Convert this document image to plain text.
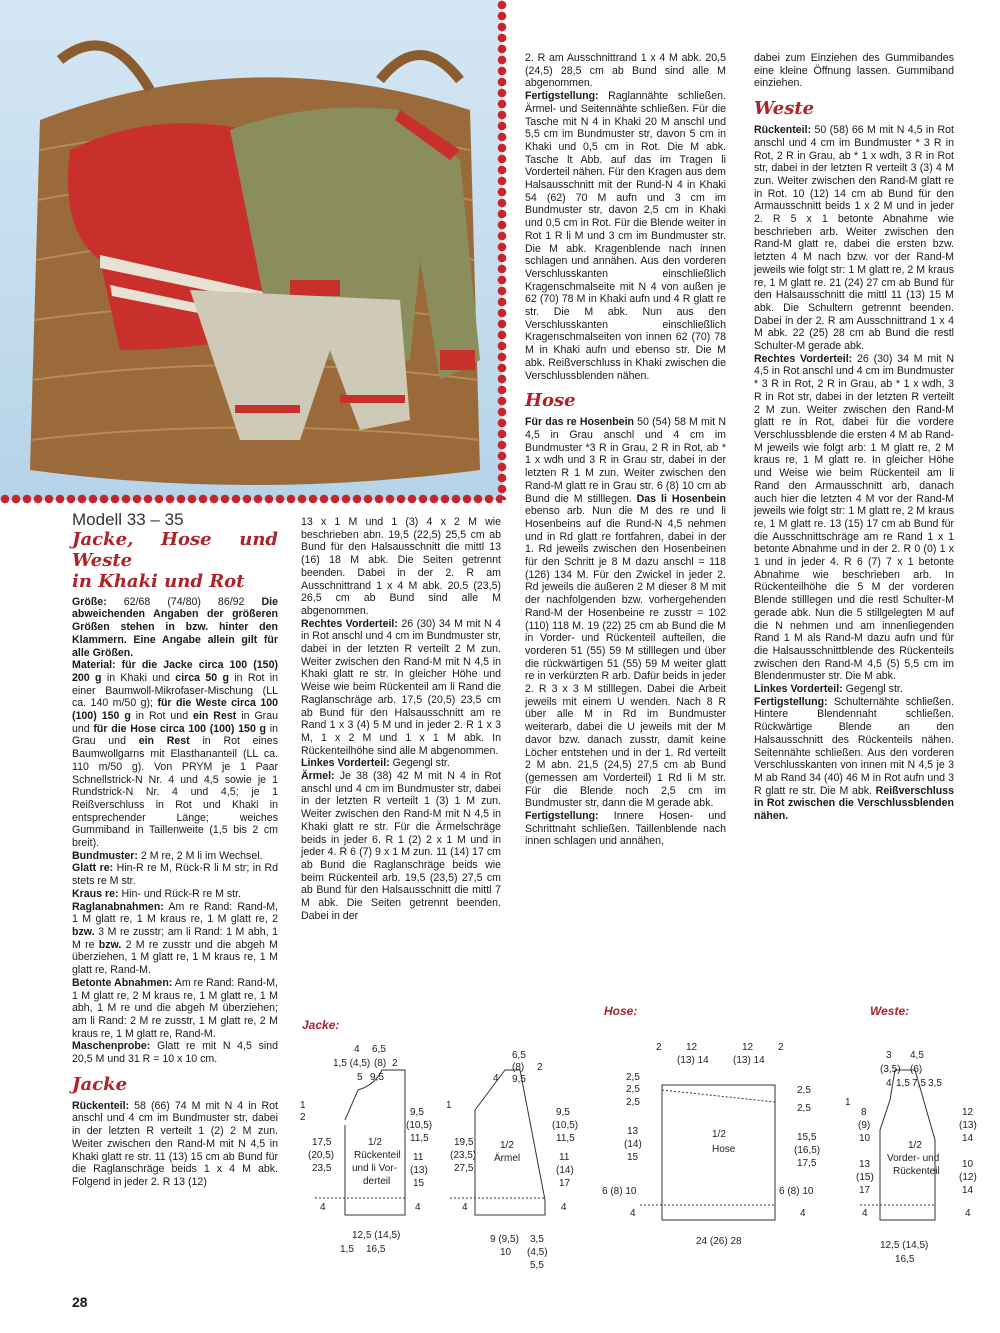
Modell 33 – 35
Jacke, Hose und Weste
in Khaki und Rot

Größe: 62/68 (74/80) 86/92 Die abweichenden Angaben der größeren Größen stehen in bzw. hinter den Klammern. Eine Angabe allein gilt für alle Größen.

Material: für die Jacke circa 100 (150) 200 g in Khaki und circa 50 g in Rot in einer Baumwoll-Mikrofaser-Mischung (LL ca. 140 m/50 g); für die Weste circa 100 (100) 150 g in Rot und ein Rest in Grau und für die Hose circa 100 (100) 150 g in Grau und ein Rest in Rot eines Baumwollgarns mit Elasthananteil (LL ca. 110 m/50 g). Von PRYM je 1 Paar Schnellstrick-N Nr. 4 und 4,5 sowie je 1 Rundstrick-N Nr. 4 und 4,5; je 1 Reißverschluss in Rot und Khaki in entsprechender Länge; weiches Gummiband in Taillenweite (1,5 bis 2 cm breit).

Bundmuster: 2 M re, 2 M li im Wechsel.

Glatt re: Hin-R re M, Rück-R li M str; in Rd stets re M str.

Kraus re: Hin- und Rück-R re M str.

Raglanabnahmen: Am re Rand: Rand-M, 1 M glatt re, 1 M kraus re, 1 M glatt re, 2 bzw. 3 M re zusstr; am li Rand: 1 M abh, 1 M re bzw. 2 M re zusstr und die abgeh M überziehen, 1 M glatt re, 1 M kraus re, 1 M glatt re, Rand-M.

Betonte Abnahmen: Am re Rand: Rand-M, 1 M glatt re, 2 M kraus re, 1 M glatt re, 1 M abh, 1 M re und die abgeh M überziehen; am li Rand: 2 M re zusstr, 1 M glatt re, 2 M kraus re, 1 M glatt re, Rand-M.

Maschenprobe: Glatt re mit N 4,5 sind 20,5 M und 31 R = 10 x 10 cm.

Jacke

Rückenteil: 58 (66) 74 M mit N 4 in Rot anschl und 4 cm im Bundmuster str, dabei in der letzten R verteilt 1 (2) 2 M zun. Weiter zwischen den Rand-M mit N 4,5 in Khaki glatt re str. 11 (13) 15 cm ab Bund für die Raglanschräge beids 1 x 4 M abk. Folgend in jeder 2. R 13 (12)

13 x 1 M und 1 (3) 4 x 2 M wie beschrieben abn. 19,5 (22,5) 25,5 cm ab Bund für den Halsausschnitt die mittl 13 (16) 18 M abk. Die Seiten getrennt beenden. Dabei in der 2. R am Ausschnittrand 1 x 4 M abk. 20,5 (23,5) 26,5 cm ab Bund sind alle M abgenommen.

Rechtes Vorderteil: 26 (30) 34 M mit N 4 in Rot anschl und 4 cm im Bundmuster str, dabei in der letzten R verteilt 2 M zun. Weiter zwischen den Rand-M mit N 4,5 in Khaki glatt re str. In gleicher Höhe und Weise wie beim Rückenteil am li Rand die Raglanschräge arb. 17,5 (20,5) 23,5 cm ab Bund für den Halsausschnitt am re Rand 1 x 3 (4) 5 M und in jeder 2. R 1 x 3 M, 1 x 2 M und 1 x 1 M abk. In Rückenteilhöhe sind alle M abgenommen.

Linkes Vorderteil: Gegengl str.

Ärmel: Je 38 (38) 42 M mit N 4 in Rot anschl und 4 cm im Bundmuster str, dabei in der letzten R verteilt 1 (3) 1 M zun. Weiter zwischen den Rand-M mit N 4,5 in Khaki glatt re str. Für die Ärmelschräge beids in jeder 6. R 1 (2) 2 x 1 M und in jeder 4. R 6 (7) 9 x 1 M zun. 11 (14) 17 cm ab Bund die Raglanschräge beids wie beim Rückenteil arb. 19,5 (23,5) 27,5 cm ab Bund für den Halsausschnitt die mittl 7 M abk. Die Seiten getrennt beenden. Dabei in der

2. R am Ausschnittrand 1 x 4 M abk. 20,5 (24,5) 28,5 cm ab Bund sind alle M abgenommen.

Fertigstellung: Raglannähte schließen. Ärmel- und Seitennähte schließen. Für die Tasche mit N 4 in Khaki 20 M anschl und 5,5 cm im Bundmuster str, davon 5 cm in Khaki und 0,5 cm in Rot. Die M abk. Tasche lt Abb. auf das im Tragen li Vorderteil nähen. Für den Kragen aus dem Halsausschnitt mit der Rund-N 4 in Khaki 54 (62) 70 M aufn und 3 cm im Bundmuster str, davon 2,5 cm in Khaki und 0,5 cm in Rot. Für die Blende weiter in Rot 1 R li M und 3 cm im Bundmuster str. Die M abk. Kragenblende nach innen schlagen und annähen. Aus den vorderen Verschlusskanten einschließlich Kragenschmalseite mit N 4 von außen je 62 (70) 78 M in Khaki aufn und 4 R glatt re str. Die M abk. Nun aus den Verschlusskanten einschließlich Kragenschmalseiten von innen 62 (70) 78 M in Khaki aufn und ebenso str. Die M abk. Reißverschluss in Khaki zwischen die Verschlussblenden nähen.

Hose

Für das re Hosenbein 50 (54) 58 M mit N 4,5 in Grau anschl und 4 cm im Bundmuster *3 R in Grau, 2 R in Rot, ab * 1 x wdh und 3 R in Grau str, dabei in der letzten R 1 M zun. Weiter zwischen den Rand-M glatt re in Grau str. 6 (8) 10 cm ab Bund die M stilllegen. Das li Hosenbein ebenso arb. Nun die M des re und li Hosenbeins auf die Rund-N 4,5 nehmen und in Rd glatt re fortfahren, dabei in der 1. Rd jeweils zwischen den Hosenbeinen für den Schritt je 8 M dazu anschl = 118 (126) 134 M. Für den Zwickel in jeder 2. Rd jeweils die äußeren 2 M dieser 8 M mit der nachfolgenden bzw. vorhergehenden Rand-M der Hosenbeine re zusstr = 102 (110) 118 M. 19 (22) 25 cm ab Bund die M in Vorder- und Rückenteil aufteilen, die vorderen 51 (55) 59 M stilllegen und über die rückwärtigen 51 (55) 59 M weiter glatt re in verkürzten R arb. Dafür beids in jeder 2. R 3 x 3 M stilllegen. Dabei die Arbeit jeweils mit einem U wenden. Nach 8 R über alle M in Rd im Bundmuster weiterarb, dabei die U jeweils mit der M davor bzw. danach zusstr, damit keine Löcher entstehen und in der 1. Rd verteilt 2 M abn. 21,5 (24,5) 27,5 cm ab Bund (gemessen am Vorderteil) 1 Rd li M str. Für die Blende noch 2,5 cm im Bundmuster str, dann die M gerade abk.

Fertigstellung: Innere Hosen- und Schrittnaht schließen. Taillenblende nach innen schlagen und annähen,

dabei zum Einziehen des Gummibandes eine kleine Öffnung lassen. Gummiband einziehen.

Weste

Rückenteil: 50 (58) 66 M mit N 4,5 in Rot anschl und 4 cm im Bundmuster * 3 R in Rot, 2 R in Grau, ab * 1 x wdh, 3 R in Rot str, dabei in der letzten R verteilt 3 (3) 4 M zun. Weiter zwischen den Rand-M glatt re in Rot. 10 (12) 14 cm ab Bund für den Armausschnitt beids 1 x 2 M und in jeder 2. R 5 x 1 betonte Abnahme wie beschrieben arb. Weiter zwischen den Rand-M glatt re, dabei die ersten bzw. letzten 4 M nach bzw. vor der Rand-M jeweils wie folgt str: 1 M glatt re, 2 M kraus re, 1 M glatt re. 21 (24) 27 cm ab Bund für den Halsausschnitt die mittl 11 (13) 15 M abk. Die Schultern getrennt beenden. Dabei in der 2. R am Ausschnittrand 1 x 4 M abk. 22 (25) 28 cm ab Bund die restl Schulter-M gerade abk.

Rechtes Vorderteil: 26 (30) 34 M mit N 4,5 in Rot anschl und 4 cm im Bundmuster * 3 R in Rot, 2 R in Grau, ab * 1 x wdh, 3 R in Rot str, dabei in der letzten R verteilt 2 M zun. Weiter zwischen den Rand-M glatt re in Rot, dabei für die vordere Verschlussblende die ersten 4 M ab Rand-M jeweils wie folgt arb: 1 M glatt re, 2 M kraus re, 1 M glatt re. In gleicher Höhe und Weise wie beim Rückenteil am li Rand den Armausschnitt arb, danach auch hier die letzten 4 M vor der Rand-M jeweils wie folgt str: 1 M glatt re, 2 M kraus re, 1 M glatt re. 13 (15) 17 cm ab Bund für die Ausschnittschräge am re Rand 1 x 1 betonte Abnahme und in der 2. R 0 (0) 1 x 1 und in jeder 4. R 6 (7) 7 x 1 betonte Abnahme wie beschrieben arb. In Rückenteilhöhe die 5 M der vorderen Blende stilllegen und die restl Schulter-M gerade abk. Nun die 5 stillgelegten M auf die N nehmen und am innenliegenden Rand 1 M als Rand-M dazu aufn und für die Halsausschnittblende des Rückenteils zwischen den Rand-M 4,5 (5) 5,5 cm im Blendenmuster str. Die M abk.

Linkes Vorderteil: Gegengl str.

Fertigstellung: Schulternähte schließen. Hintere Blendennaht schließen. Rückwärtige Blende an den Halsausschnitt des Rückenteils nähen. Seitennähte schließen. Aus den vorderen Verschlusskanten von innen mit N 4,5 je 3 M ab Rand 34 (40) 46 M in Rot aufn und 3 R glatt re str. Die M abk. Reißverschluss in Rot zwischen die Verschlussblenden nähen.

Jacke:
Hose:	Weste:
4 6,5
1,5 (4,5) (8) 2
5 9,5
1
2
17,5
(20,5)
23,5
4
9,5
(10,5)
11,5
11
(13)
15
4
1/2
Rückenteil
und li Vor-
derteil
12,5 (14,5)
1,5 16,5
6,5
(8) 2
4 9,5
1
19,5
(23,5)
27,5
4
9,5
(10,5)
11,5
11
(14)
17
4
1/2
Ärmel
9 (9,5)
10
3,5
(4,5)
5,5
2 12
(13) 14
12
(13) 14
2
2,5
2,5
2,5
13
(14)
15
6 (8) 10
4
2,5
2,5
15,5
(16,5)
17,5
6 (8) 10
4
1/2
Hose
24 (26) 28
3 4,5
(3,5) (6)
4 1,5 7,5 3,5
1
8
(9)
10
13
(15)
17
4
12
(13)
14
10
(12)
14
4
1/2
Vorder- und
Rückenteil
12,5 (14,5)
16,5
28
